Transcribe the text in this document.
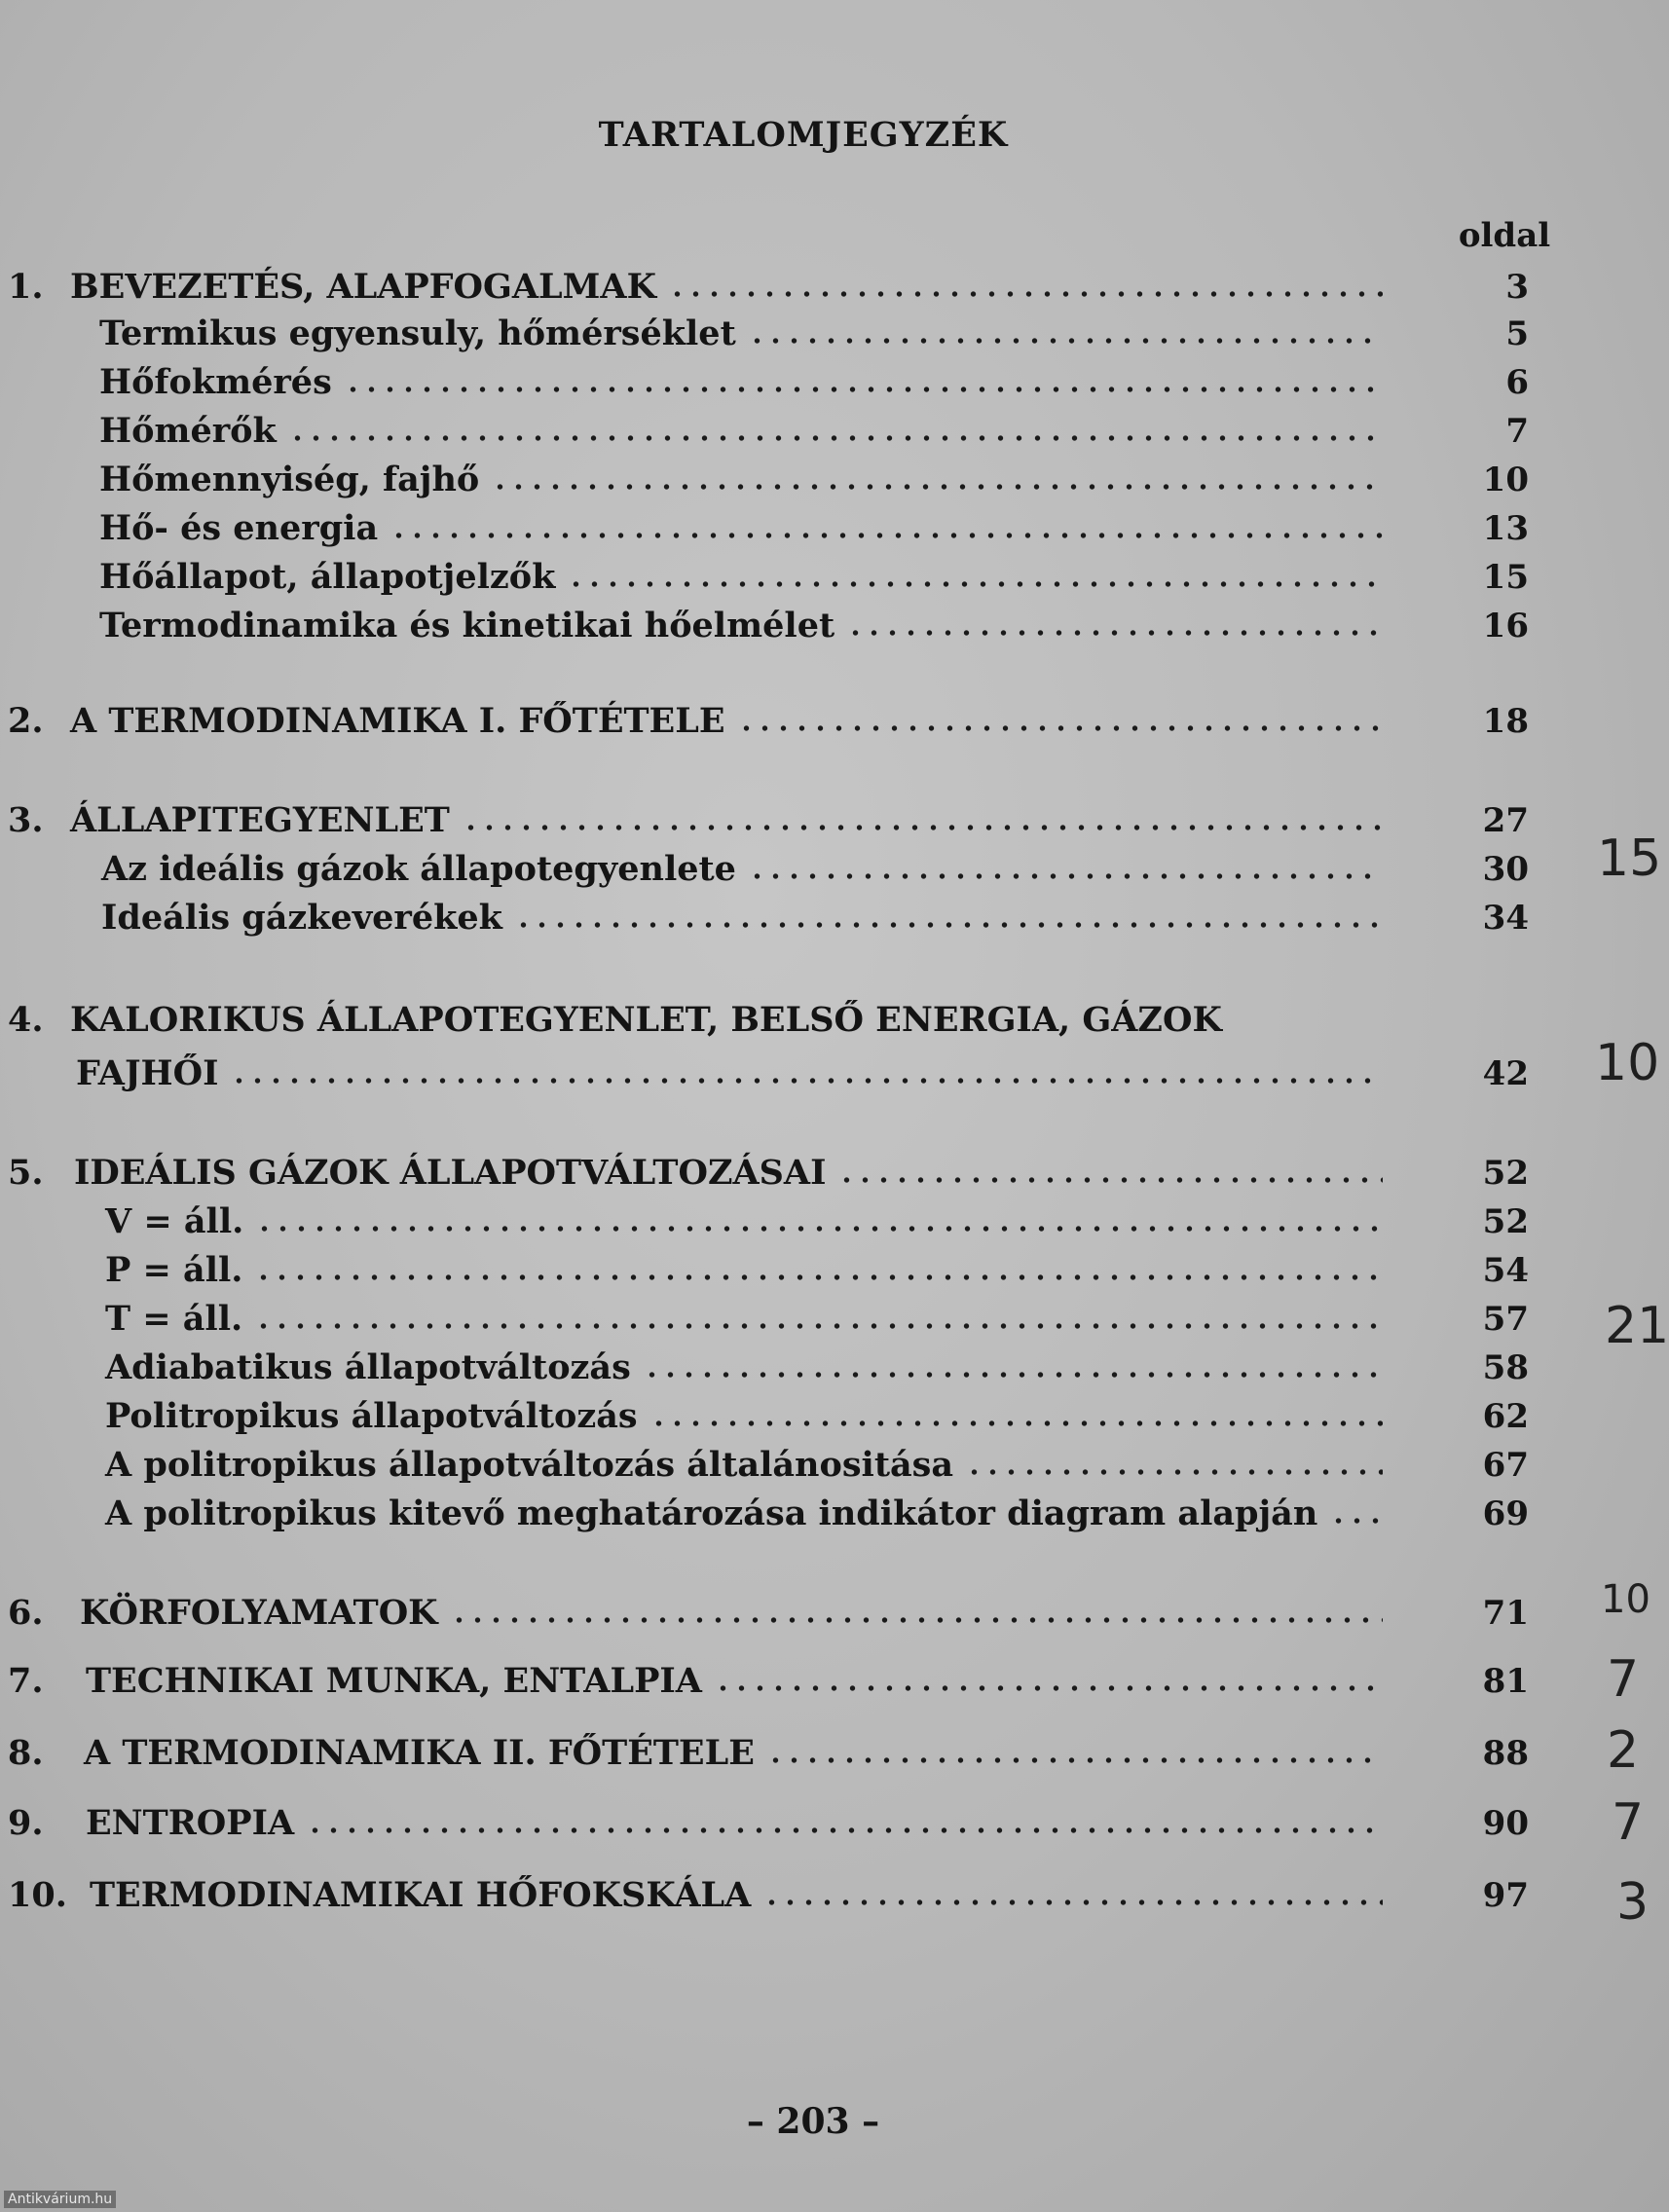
TARTALOMJEGYZÉK
oldal
1. BEVEZETÉS, ALAPFOGALMAK	3
Termikus egyensuly, hőmérséklet	5
Hőfokmérés	6
Hőmérők	7
Hőmennyiség, fajhő	10
Hő- és energia	13
Hőállapot, állapotjelzők	15
Termodinamika és kinetikai hőelmélet	16
2. A TERMODINAMIKA I. FŐTÉTELE	18
3. ÁLLAPITEGYENLET	27
Az ideális gázok állapotegyenlete	30
Ideális gázkeverékek	34
4. KALORIKUS ÁLLAPOTEGYENLET, BELSŐ ENERGIA, GÁZOK
FAJHŐI	42
5. IDEÁLIS GÁZOK ÁLLAPOTVÁLTOZÁSAI	52
V = áll.	52
P = áll.	54
T = áll.	57
Adiabatikus állapotváltozás	58
Politropikus állapotváltozás	62
A politropikus állapotváltozás általánositása	67
A politropikus kitevő meghatározása indikátor diagram alapján	69
6.	KÖRFOLYAMATOK	71
7.	TECHNIKAI MUNKA, ENTALPIA	81
8.	A TERMODINAMIKA II. FŐTÉTELE	88
9.	ENTROPIA	90
10. TERMODINAMIKAI HŐFOKSKÁLA	97
15
10
21
10
7
2
7
3
– 203 –
Antikvárium.hu
